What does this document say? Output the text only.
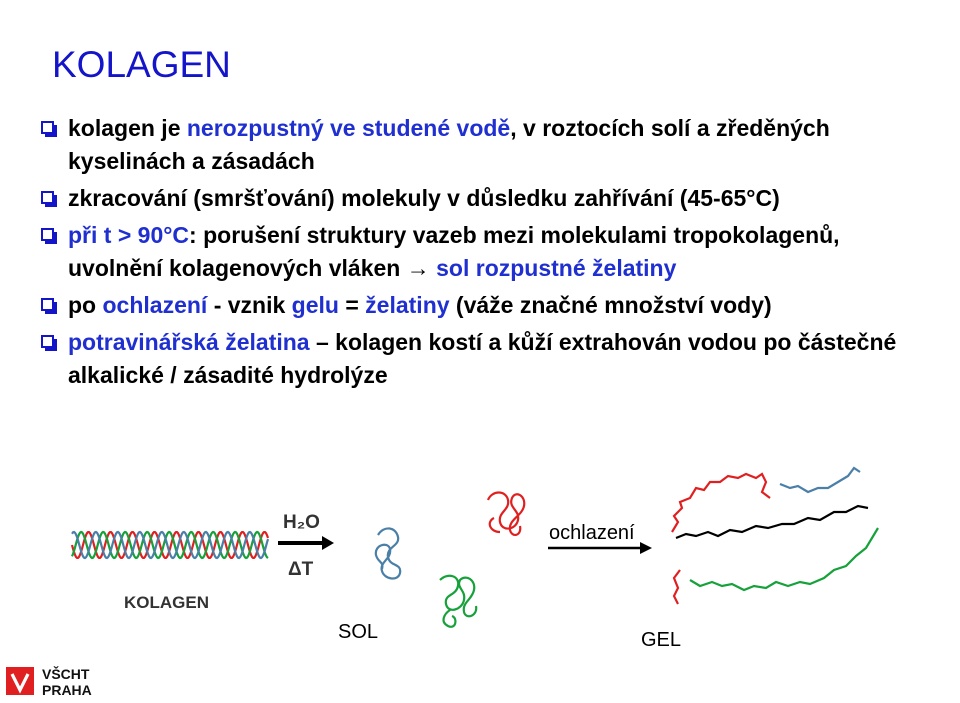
KOLAGEN
kolagen je nerozpustný ve studené vodě, v roztocích solí a zředěných kyselinách a zásadách
zkracování (smršťování) molekuly v důsledku zahřívání (45-65°C)
při t > 90°C: porušení struktury vazeb mezi molekulami tropokolagenů, uvolnění kolagenových vláken → sol rozpustné želatiny
po ochlazení - vznik gelu = želatiny (váže značné množství vody)
potravinářská želatina – kolagen kostí a kůží extrahován vodou po částečné alkalické / zásadité hydrolýze
H₂O
ΔT
KOLAGEN
SOL
ochlazení
GEL
VŠCHT
PRAHA
